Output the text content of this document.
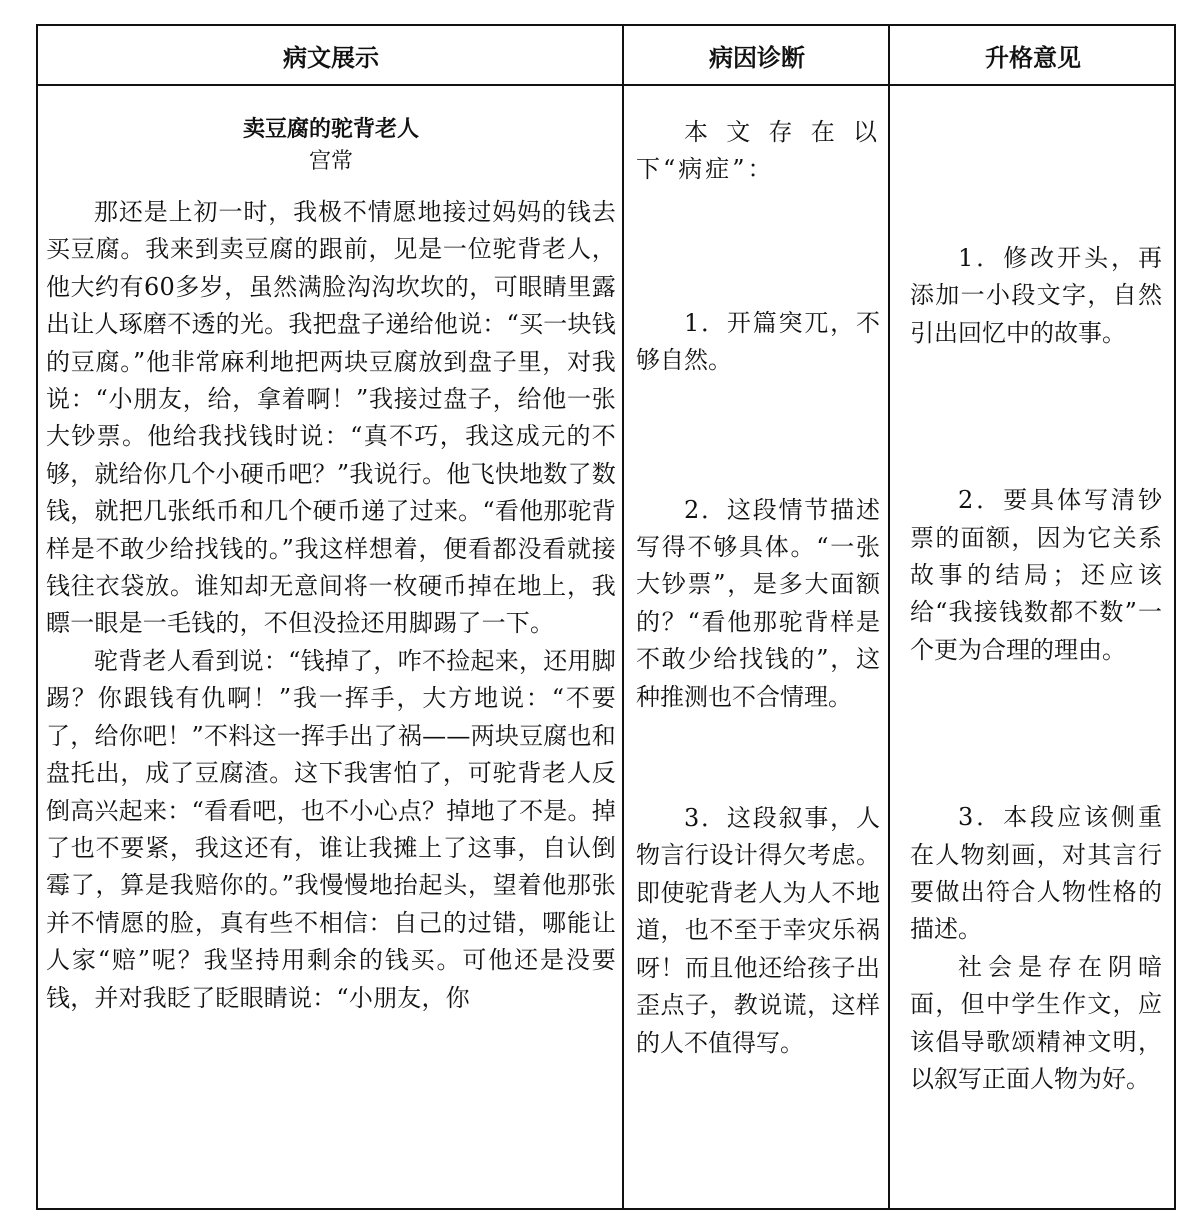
病文展示	病因诊断	升格意见
卖豆腐的驼背老人
宫常

那还是上初一时，我极不情愿地接过妈妈的钱去买豆腐。我来到卖豆腐的跟前，见是一位驼背老人，他大约有60多岁，虽然满脸沟沟坎坎的，可眼睛里露出让人琢磨不透的光。我把盘子递给他说：“买一块钱的豆腐。”他非常麻利地把两块豆腐放到盘子里，对我说：“小朋友，给，拿着啊！”我接过盘子，给他一张大钞票。他给我找钱时说：“真不巧，我这成元的不够，就给你几个小硬币吧？”我说行。他飞快地数了数钱，就把几张纸币和几个硬币递了过来。“看他那驼背样是不敢少给找钱的。”我这样想着，便看都没看就接钱往衣袋放。谁知却无意间将一枚硬币掉在地上，我瞟一眼是一毛钱的，不但没捡还用脚踢了一下。

驼背老人看到说：“钱掉了，咋不捡起来，还用脚踢？你跟钱有仇啊！”我一挥手，大方地说：“不要了，给你吧！”不料这一挥手出了祸——两块豆腐也和盘托出，成了豆腐渣。这下我害怕了，可驼背老人反倒高兴起来：“看看吧，也不小心点？掉地了不是。掉了也不要紧，我这还有，谁让我摊上了这事，自认倒霉了，算是我赔你的。”我慢慢地抬起头，望着他那张并不情愿的脸，真有些不相信：自己的过错，哪能让人家“赔”呢？我坚持用剩余的钱买。可他还是没要钱，并对我眨了眨眼睛说：“小朋友，你

本文存在以下“病症”：

1．开篇突兀，不够自然。

2．这段情节描述写得不够具体。“一张大钞票”，是多大面额的？“看他那驼背样是不敢少给找钱的”，这种推测也不合情理。

3．这段叙事，人物言行设计得欠考虑。即使驼背老人为人不地道，也不至于幸灾乐祸呀！而且他还给孩子出歪点子，教说谎，这样的人不值得写。

1．修改开头，再添加一小段文字，自然引出回忆中的故事。

2．要具体写清钞票的面额，因为它关系故事的结局；还应该给“我接钱数都不数”一个更为合理的理由。

3．本段应该侧重在人物刻画，对其言行要做出符合人物性格的描述。

社会是存在阴暗面，但中学生作文，应该倡导歌颂精神文明，以叙写正面人物为好。
